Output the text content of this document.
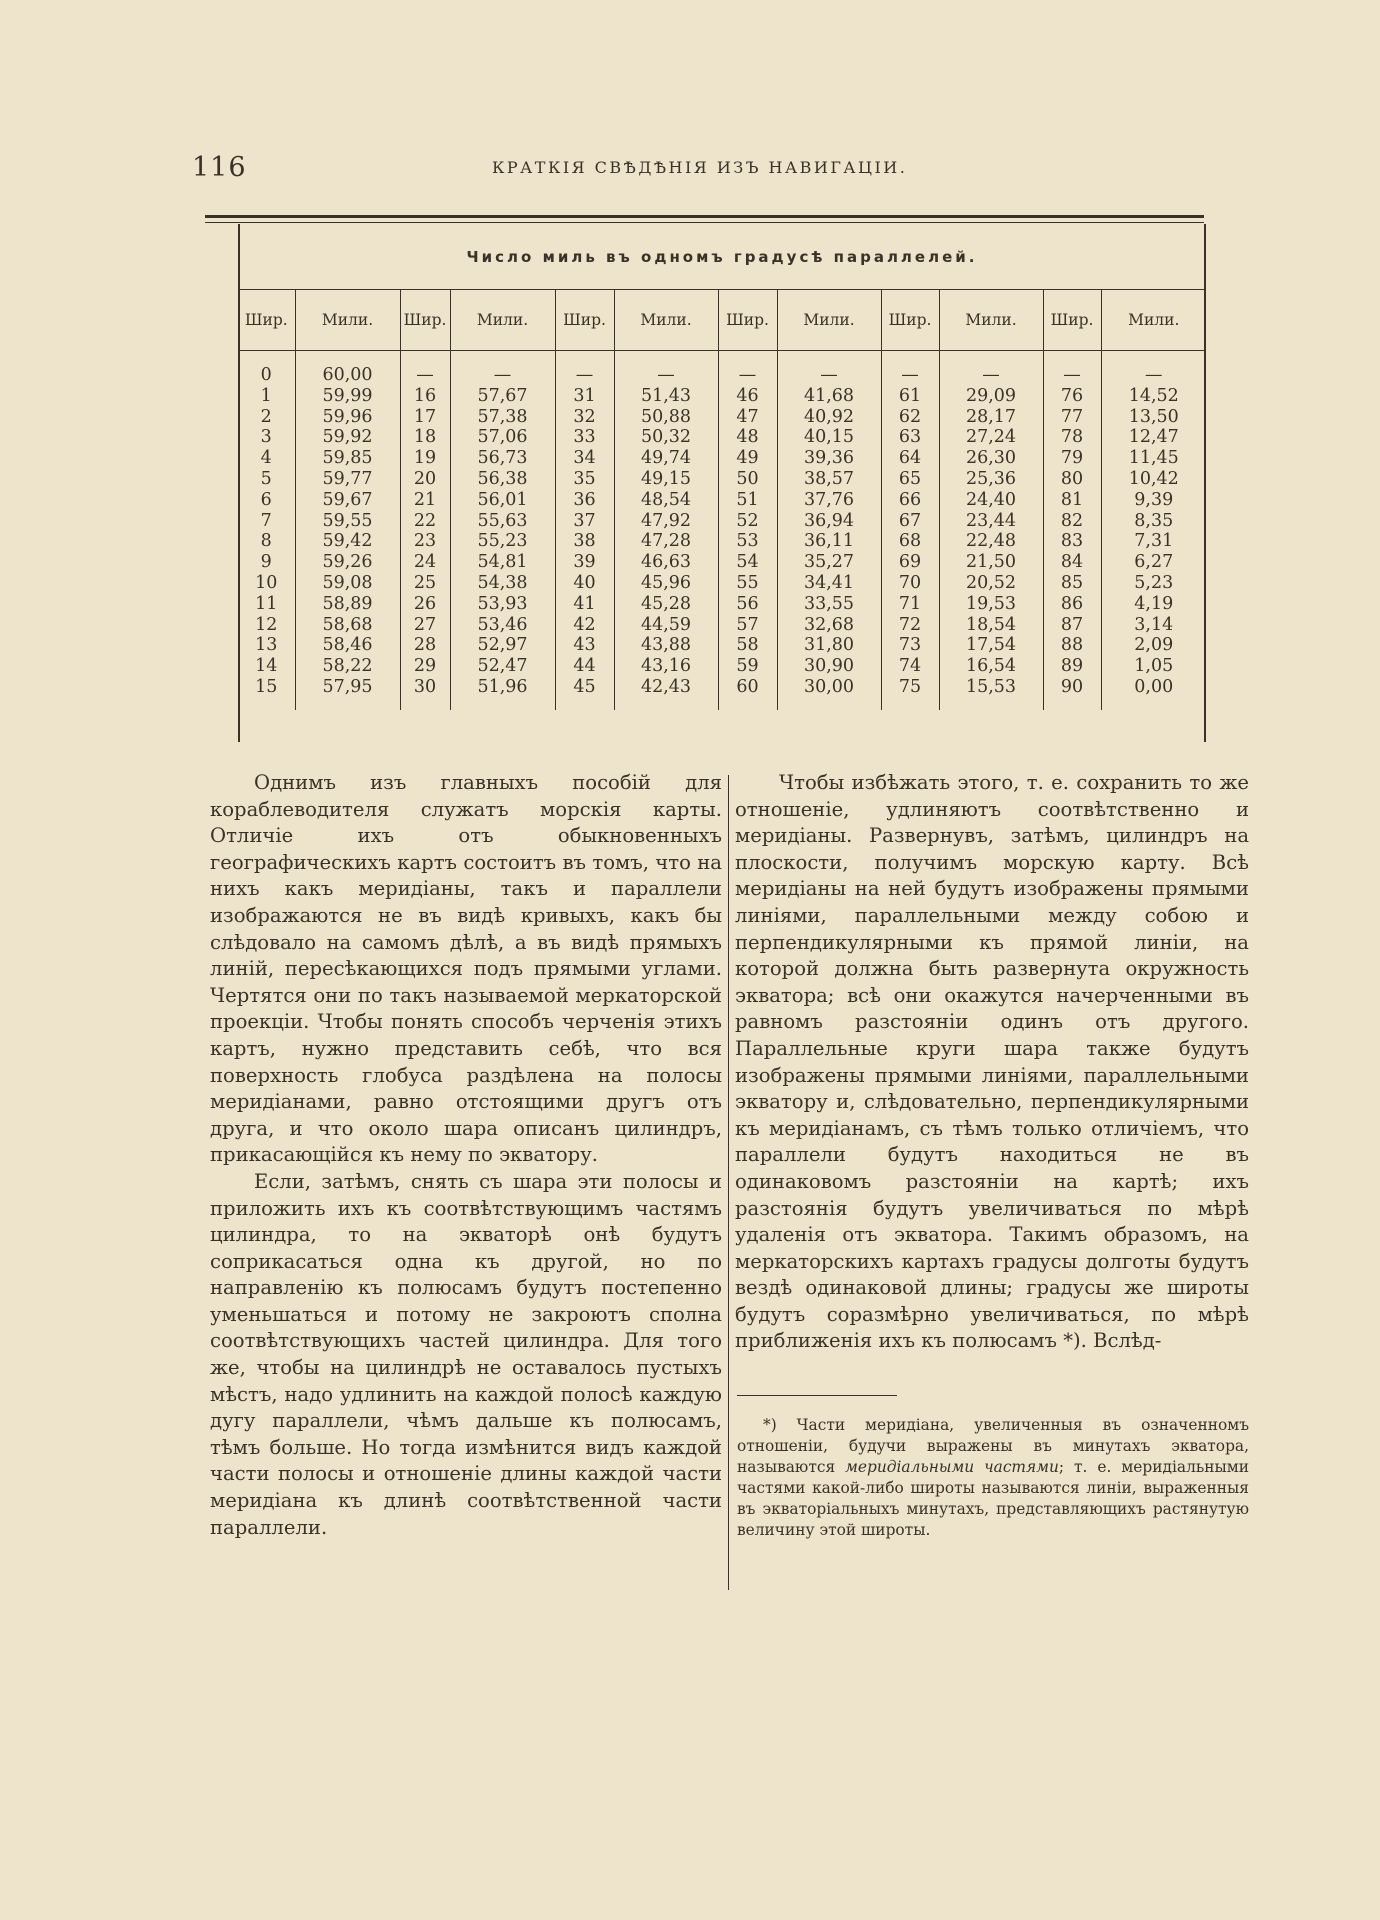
116	КРАТКІЯ СВѢДѢНІЯ ИЗЪ НАВИГАЦІИ.
Число миль въ одномъ градусѣ параллелей.
Шир.	Мили.	Шир.	Мили.	Шир.	Мили.	Шир.	Мили.	Шир.	Мили.	Шир.	Мили.

0	60,00	—	—	—	—	—	—	—	—	—	—
1	59,99	16	57,67	31	51,43	46	41,68	61	29,09	76	14,52
2	59,96	17	57,38	32	50,88	47	40,92	62	28,17	77	13,50
3	59,92	18	57,06	33	50,32	48	40,15	63	27,24	78	12,47
4	59,85	19	56,73	34	49,74	49	39,36	64	26,30	79	11,45
5	59,77	20	56,38	35	49,15	50	38,57	65	25,36	80	10,42
6	59,67	21	56,01	36	48,54	51	37,76	66	24,40	81	9,39
7	59,55	22	55,63	37	47,92	52	36,94	67	23,44	82	8,35
8	59,42	23	55,23	38	47,28	53	36,11	68	22,48	83	7,31
9	59,26	24	54,81	39	46,63	54	35,27	69	21,50	84	6,27
10	59,08	25	54,38	40	45,96	55	34,41	70	20,52	85	5,23
11	58,89	26	53,93	41	45,28	56	33,55	71	19,53	86	4,19
12	58,68	27	53,46	42	44,59	57	32,68	72	18,54	87	3,14
13	58,46	28	52,97	43	43,88	58	31,80	73	17,54	88	2,09
14	58,22	29	52,47	44	43,16	59	30,90	74	16,54	89	1,05
15	57,95	30	51,96	45	42,43	60	30,00	75	15,53	90	0,00

Однимъ изъ главныхъ пособій для кораблеводителя служатъ морскія карты. Отличіе ихъ отъ обыкновенныхъ географическихъ картъ состоитъ въ томъ, что на нихъ какъ меридіаны, такъ и параллели изображаются не въ видѣ кривыхъ, какъ бы слѣдовало на самомъ дѣлѣ, а въ видѣ прямыхъ линій, пересѣкающихся подъ прямыми углами. Чертятся они по такъ называемой меркаторской проекціи. Чтобы понять способъ черченія этихъ картъ, нужно представить себѣ, что вся поверхность глобуса раздѣлена на полосы меридіанами, равно отстоящими другъ отъ друга, и что около шара описанъ цилиндръ, прикасающійся къ нему по экватору.

Если, затѣмъ, снять съ шара эти полосы и приложить ихъ къ соотвѣтствующимъ частямъ цилиндра, то на экваторѣ онѣ будутъ соприкасаться одна къ другой, но по направленію къ полюсамъ будутъ постепенно уменьшаться и потому не закроютъ сполна соотвѣтствующихъ частей цилиндра. Для того же, чтобы на цилиндрѣ не оставалось пустыхъ мѣстъ, надо удлинить на каждой полосѣ каждую дугу параллели, чѣмъ дальше къ полюсамъ, тѣмъ больше. Но тогда измѣнится видъ каждой части полосы и отношеніе длины каждой части меридіана къ длинѣ соотвѣтственной части параллели.

Чтобы избѣжать этого, т. е. сохранить то же отношеніе, удлиняютъ соотвѣтственно и меридіаны. Развернувъ, затѣмъ, цилиндръ на плоскости, получимъ морскую карту. Всѣ меридіаны на ней будутъ изображены прямыми линіями, параллельными между собою и перпендикулярными къ прямой линіи, на которой должна быть развернута окружность экватора; всѣ они окажутся начерченными въ равномъ разстояніи одинъ отъ другого. Параллельные круги шара также будутъ изображены прямыми линіями, параллельными экватору и, слѣдовательно, перпендикулярными къ меридіанамъ, съ тѣмъ только отличіемъ, что параллели будутъ находиться не въ одинаковомъ разстояніи на картѣ; ихъ разстоянія будутъ увеличиваться по мѣрѣ удаленія отъ экватора. Такимъ образомъ, на меркаторскихъ картахъ градусы долготы будутъ вездѣ одинаковой длины; градусы же широты будутъ соразмѣрно увеличиваться, по мѣрѣ приближенія ихъ къ полюсамъ *). Вслѣд-

*) Части меридіана, увеличенныя въ означенномъ отношеніи, будучи выражены въ минутахъ экватора, называются меридіальными частями; т. е. меридіальными частями какой-либо широты называются линіи, выраженныя въ экваторіальныхъ минутахъ, представляющихъ растянутую величину этой широты.
